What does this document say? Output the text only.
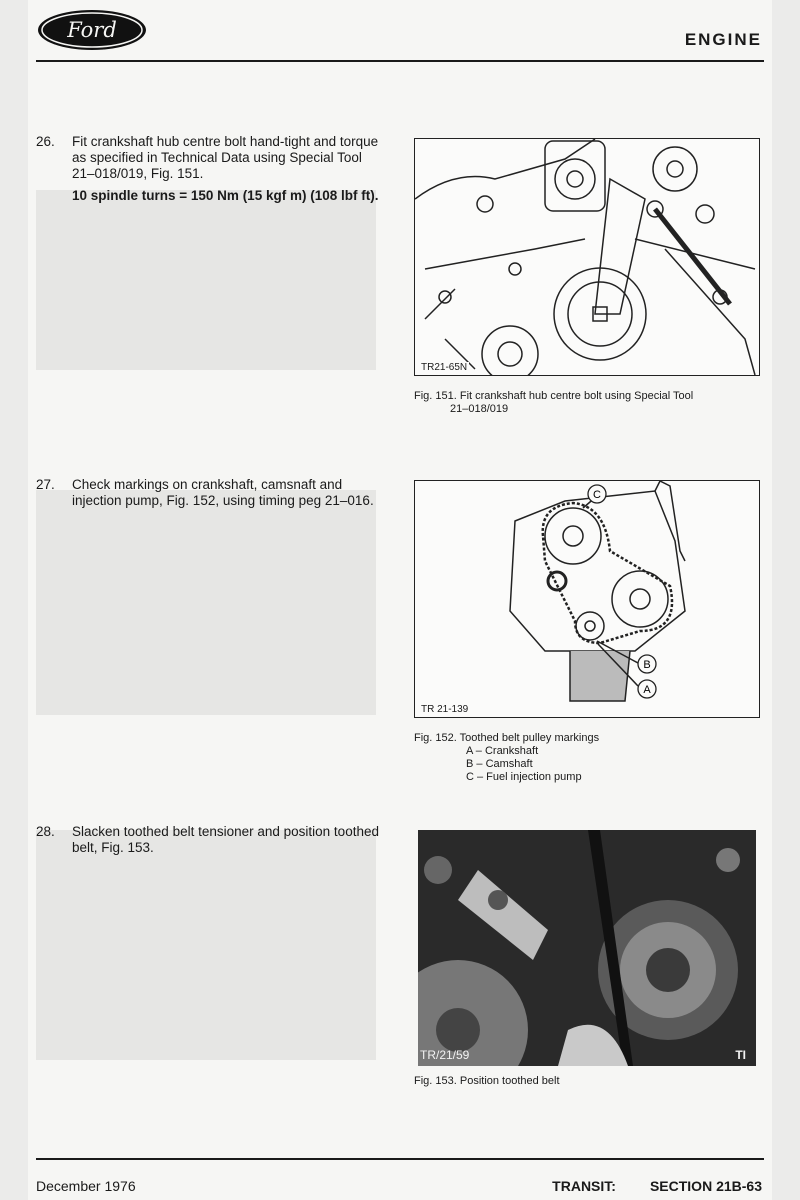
Ford	ENGINE
26. Fit crankshaft hub centre bolt hand-tight and torque as specified in Technical Data using Special Tool 21–018/019, Fig. 151.
10 spindle turns = 150 Nm (15 kgf m) (108 lbf ft).
TR21-65N
Fig. 151. Fit crankshaft hub centre bolt using Special Tool
21–018/019
27. Check markings on crankshaft, camsnaft and injection pump, Fig. 152, using timing peg 21–016.	C
B
A
TR 21-139
Fig. 152. Toothed belt pulley markings
A – Crankshaft
B – Camshaft
C – Fuel injection pump
28. Slacken toothed belt tensioner and position toothed belt, Fig. 153.
TR/21/59	TI
Fig. 153. Position toothed belt
December 1976	TRANSIT: SECTION 21B-63
